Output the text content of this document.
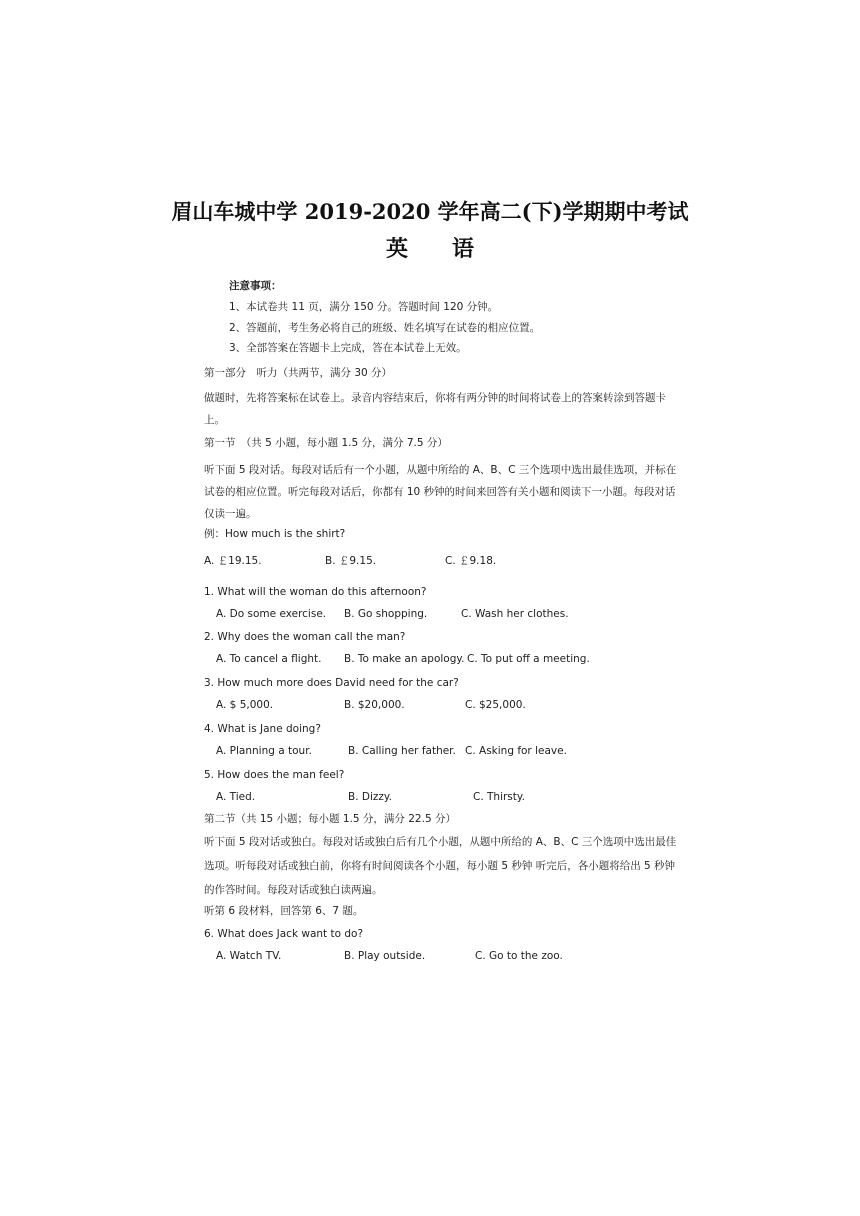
眉山车城中学 2019-2020 学年高二(下)学期期中考试
英语
注意事项：
1、本试卷共 11 页，满分 150 分。答题时间 120 分钟。
2、答题前，考生务必将自己的班级、姓名填写在试卷的相应位置。
3、全部答案在答题卡上完成，答在本试卷上无效。
第一部分　听力（共两节，满分 30 分）
做题时，先将答案标在试卷上。录音内容结束后，你将有两分钟的时间将试卷上的答案转涂到答题卡上。
第一节　（共 5 小题，每小题 1.5 分，满分 7.5 分）
听下面 5 段对话。每段对话后有一个小题，从题中所给的 A、B、C 三个选项中选出最佳选项，并标在试卷的相应位置。听完每段对话后，你都有 10 秒钟的时间来回答有关小题和阅读下一小题。每段对话仅读一遍。
例：How much is the shirt?
A. ￡19.15.	B. ￡9.15.	C. ￡9.18.
1. What will the woman do this afternoon?
A. Do some exercise. B. Go shopping.	C. Wash her clothes.
2. Why does the woman call the man?
A. To cancel a flight. B. To make an apology. C. To put off a meeting.
3. How much more does David need for the car?
A. $ 5,000.	B. $20,000.	C. $25,000.
4. What is Jane doing?
A. Planning a tour.	B. Calling her father. C. Asking for leave.
5. How does the man feel?
A. Tied.	B. Dizzy.	C. Thirsty.
第二节（共 15 小题；每小题 1.5 分，满分 22.5 分）
听下面 5 段对话或独白。每段对话或独白后有几个小题，从题中所给的 A、B、C 三个选项中选出最佳选项。听每段对话或独白前，你将有时间阅读各个小题，每小题 5 秒钟 听完后，各小题将给出 5 秒钟的作答时间。每段对话或独白读两遍。
听第 6 段材料，回答第 6、7 题。
6. What does Jack want to do?
A. Watch TV.	B. Play outside.	C. Go to the zoo.
